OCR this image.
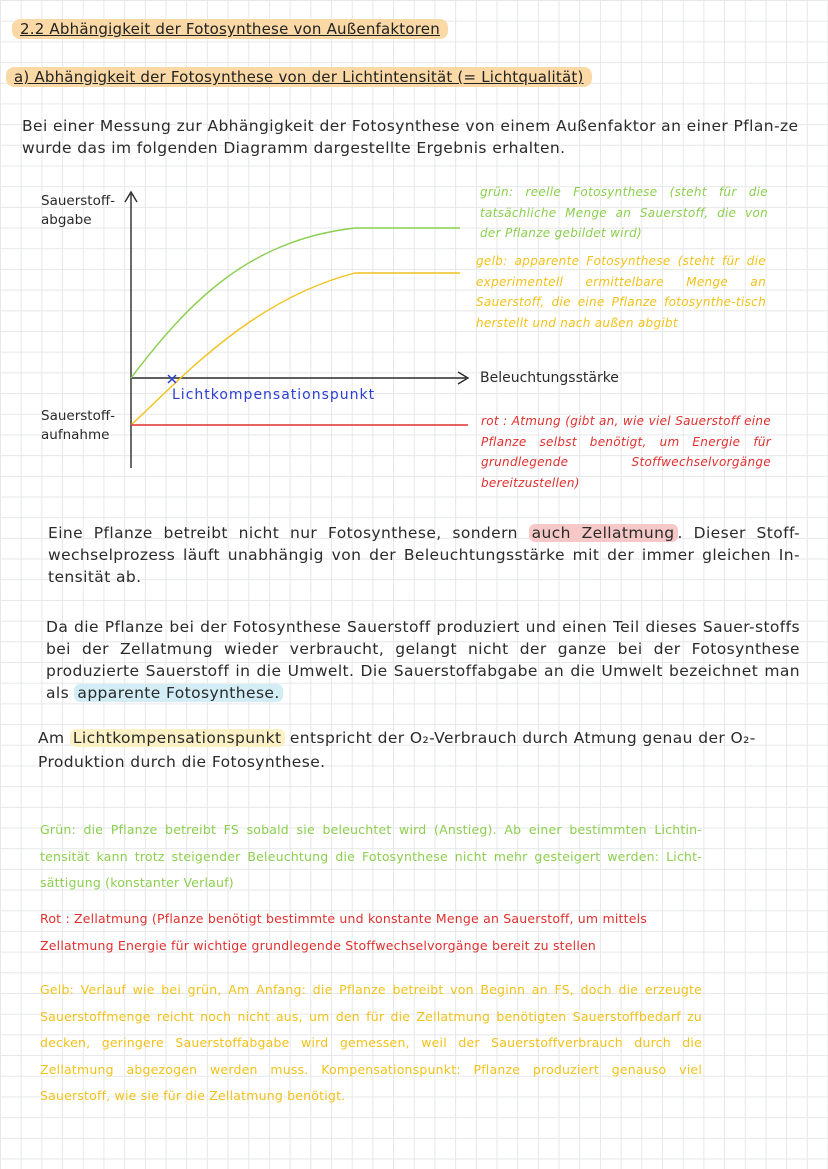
2.2 Abhängigkeit der Fotosynthese von Außenfaktoren
a) Abhängigkeit der Fotosynthese von der Lichtintensität (= Lichtqualität)
Bei einer Messung zur Abhängigkeit der Fotosynthese von einem Außenfaktor an einer Pflan-ze wurde das im folgenden Diagramm dargestellte Ergebnis erhalten.
Lichtkompensationspunkt
Sauerstoff-
abgabe
Sauerstoff-
aufnahme
Beleuchtungsstärke
grün: reelle Fotosynthese (steht für die tatsächliche Menge an Sauerstoff, die von der Pflanze gebildet wird)
gelb: apparente Fotosynthese (steht für die experimentell ermittelbare Menge an Sauerstoff, die eine Pflanze fotosynthe-tisch herstellt und nach außen abgibt
rot : Atmung (gibt an, wie viel Sauerstoff eine Pflanze selbst benötigt, um Energie für grundlegende Stoffwechselvorgänge bereitzustellen)
Eine Pflanze betreibt nicht nur Fotosynthese, sondern auch Zellatmung . Dieser Stoff-wechselprozess läuft unabhängig von der Beleuchtungsstärke mit der immer gleichen In-tensität ab.
Da die Pflanze bei der Fotosynthese Sauerstoff produziert und einen Teil dieses Sauer-stoffs bei der Zellatmung wieder verbraucht, gelangt nicht der ganze bei der Fotosynthese produzierte Sauerstoff in die Umwelt. Die Sauerstoffabgabe an die Umwelt bezeichnet man als apparente Fotosynthese.
Am Lichtkompensationspunkt entspricht der O₂-Verbrauch durch Atmung genau der O₂-Produktion durch die Fotosynthese.
Grün: die Pflanze betreibt FS sobald sie beleuchtet wird (Anstieg). Ab einer bestimmten Lichtin-tensität kann trotz steigender Beleuchtung die Fotosynthese nicht mehr gesteigert werden: Licht-sättigung (konstanter Verlauf)
Rot : Zellatmung (Pflanze benötigt bestimmte und konstante Menge an Sauerstoff, um mittels Zellatmung Energie für wichtige grundlegende Stoffwechselvorgänge bereit zu stellen
Gelb: Verlauf wie bei grün, Am Anfang: die Pflanze betreibt von Beginn an FS, doch die erzeugte Sauerstoffmenge reicht noch nicht aus, um den für die Zellatmung benötigten Sauerstoffbedarf zu decken, geringere Sauerstoffabgabe wird gemessen, weil der Sauerstoffverbrauch durch die Zellatmung abgezogen werden muss. Kompensationspunkt: Pflanze produziert genauso viel Sauerstoff, wie sie für die Zellatmung benötigt.
